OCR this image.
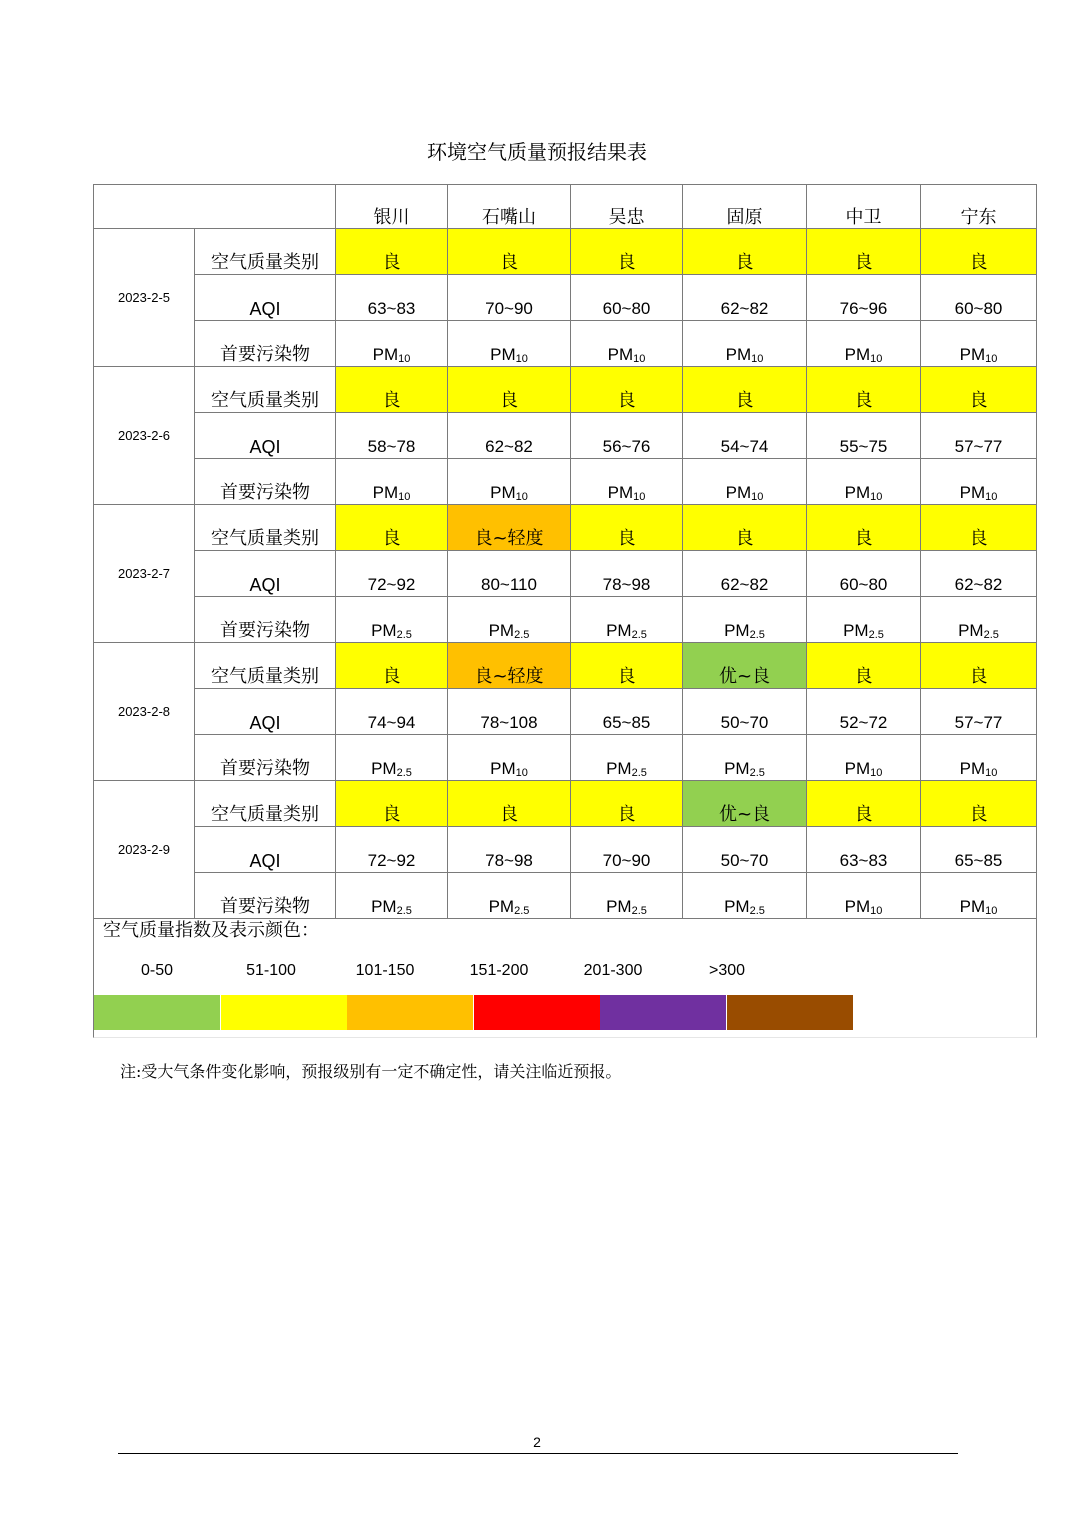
环境空气质量预报结果表
		银川	石嘴山	吴忠	固原	中卫	宁东
2023-2-5	空气质量类别	良	良	良	良	良	良
	AQI	63~83	70~90	60~80	62~82	76~96	60~80
	首要污染物	$PM_{10}$	$PM_{10}$	$PM_{10}$	$PM_{10}$	$PM_{10}$	$PM_{10}$
2023-2-6	空气质量类别	良	良	良	良	良	良
	AQI	58~78	62~82	56~76	54~74	55~75	57~77
	首要污染物	$PM_{10}$	$PM_{10}$	$PM_{10}$	$PM_{10}$	$PM_{10}$	$PM_{10}$
2023-2-7	空气质量类别	良	良~轻度	良	良	良	良
	AQI	72~92	80~110	78~98	62~82	60~80	62~82
	首要污染物	$PM_{2.5}$	$PM_{2.5}$	$PM_{2.5}$	$PM_{2.5}$	$PM_{2.5}$	$PM_{2.5}$
2023-2-8	空气质量类别	良	良~轻度	良	优~良	良	良
	AQI	74~94	78~108	65~85	50~70	52~72	57~77
	首要污染物	$PM_{2.5}$	$PM_{10}$	$PM_{2.5}$	$PM_{2.5}$	$PM_{10}$	$PM_{10}$
2023-2-9	空气质量类别	良	良	良	优~良	良	良
	AQI	72~92	78~98	70~90	50~70	63~83	65~85
	首要污染物	$PM_{2.5}$	$PM_{2.5}$	$PM_{2.5}$	$PM_{2.5}$	$PM_{10}$	$PM_{10}$
空气质量指数及表示颜色：
0-50	51-100	101-150	151-200	201-300	>300
注:受大气条件变化影响，预报级别有一定不确定性，请关注临近预报。
2
